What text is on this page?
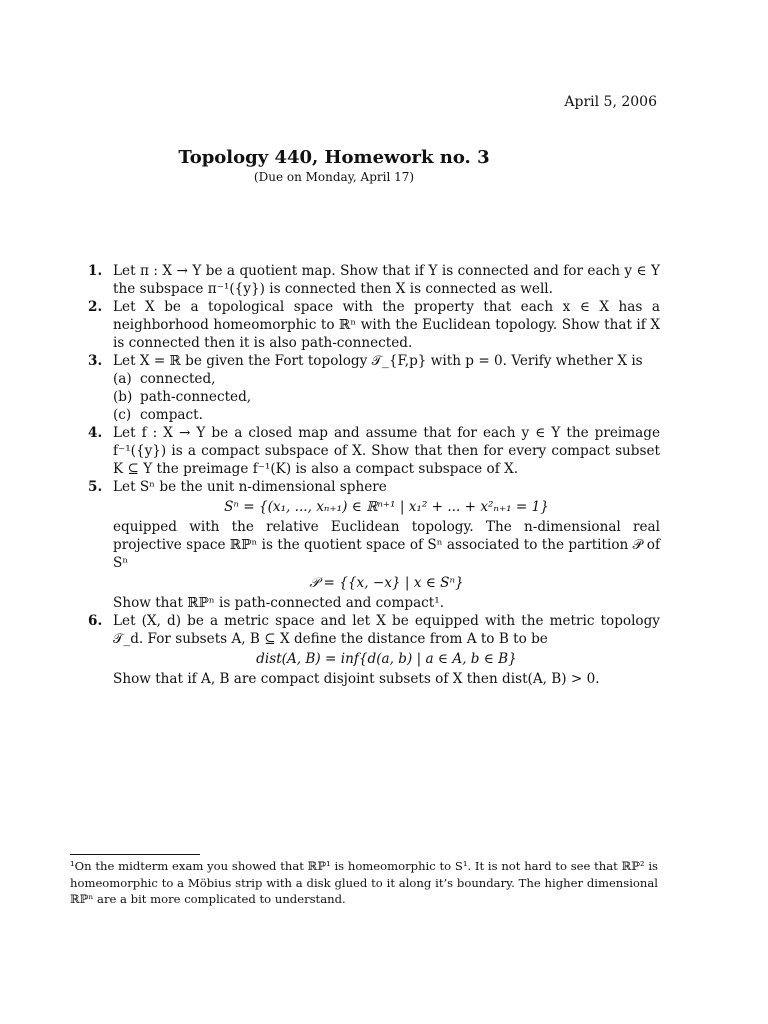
April 5, 2006
Topology 440, Homework no. 3
(Due on Monday, April 17)
1. Let π : X → Y be a quotient map. Show that if Y is connected and for each y ∈ Y the subspace π⁻¹({y}) is connected then X is connected as well.

2. Let X be a topological space with the property that each x ∈ X has a neighborhood homeomorphic to ℝⁿ with the Euclidean topology. Show that if X is connected then it is also path-connected.

3. Let X = ℝ be given the Fort topology 𝒯_{F,p} with p = 0. Verify whether X is

(a) connected,
(b) path-connected,
(c) compact.
4. Let f : X → Y be a closed map and assume that for each y ∈ Y the preimage f⁻¹({y}) is a compact subspace of X. Show that then for every compact subset K ⊆ Y the preimage f⁻¹(K) is also a compact subspace of X.

5. Let Sⁿ be the unit n-dimensional sphere

Sⁿ = {(x₁, ..., xₙ₊₁) ∈ ℝⁿ⁺¹ | x₁² + ... + x²ₙ₊₁ = 1}

equipped with the relative Euclidean topology. The n-dimensional real projective space ℝℙⁿ is the quotient space of Sⁿ associated to the partition 𝒫 of Sⁿ

𝒫 = {{x, −x} | x ∈ Sⁿ}

Show that ℝℙⁿ is path-connected and compact¹.

6. Let (X, d) be a metric space and let X be equipped with the metric topology 𝒯_d. For subsets A, B ⊆ X define the distance from A to B to be

dist(A, B) = inf{d(a, b) | a ∈ A, b ∈ B}

Show that if A, B are compact disjoint subsets of X then dist(A, B) > 0.

¹On the midterm exam you showed that ℝℙ¹ is homeomorphic to S¹. It is not hard to see that ℝℙ² is homeomorphic to a Möbius strip with a disk glued to it along it’s boundary. The higher dimensional ℝℙⁿ are a bit more complicated to understand.
